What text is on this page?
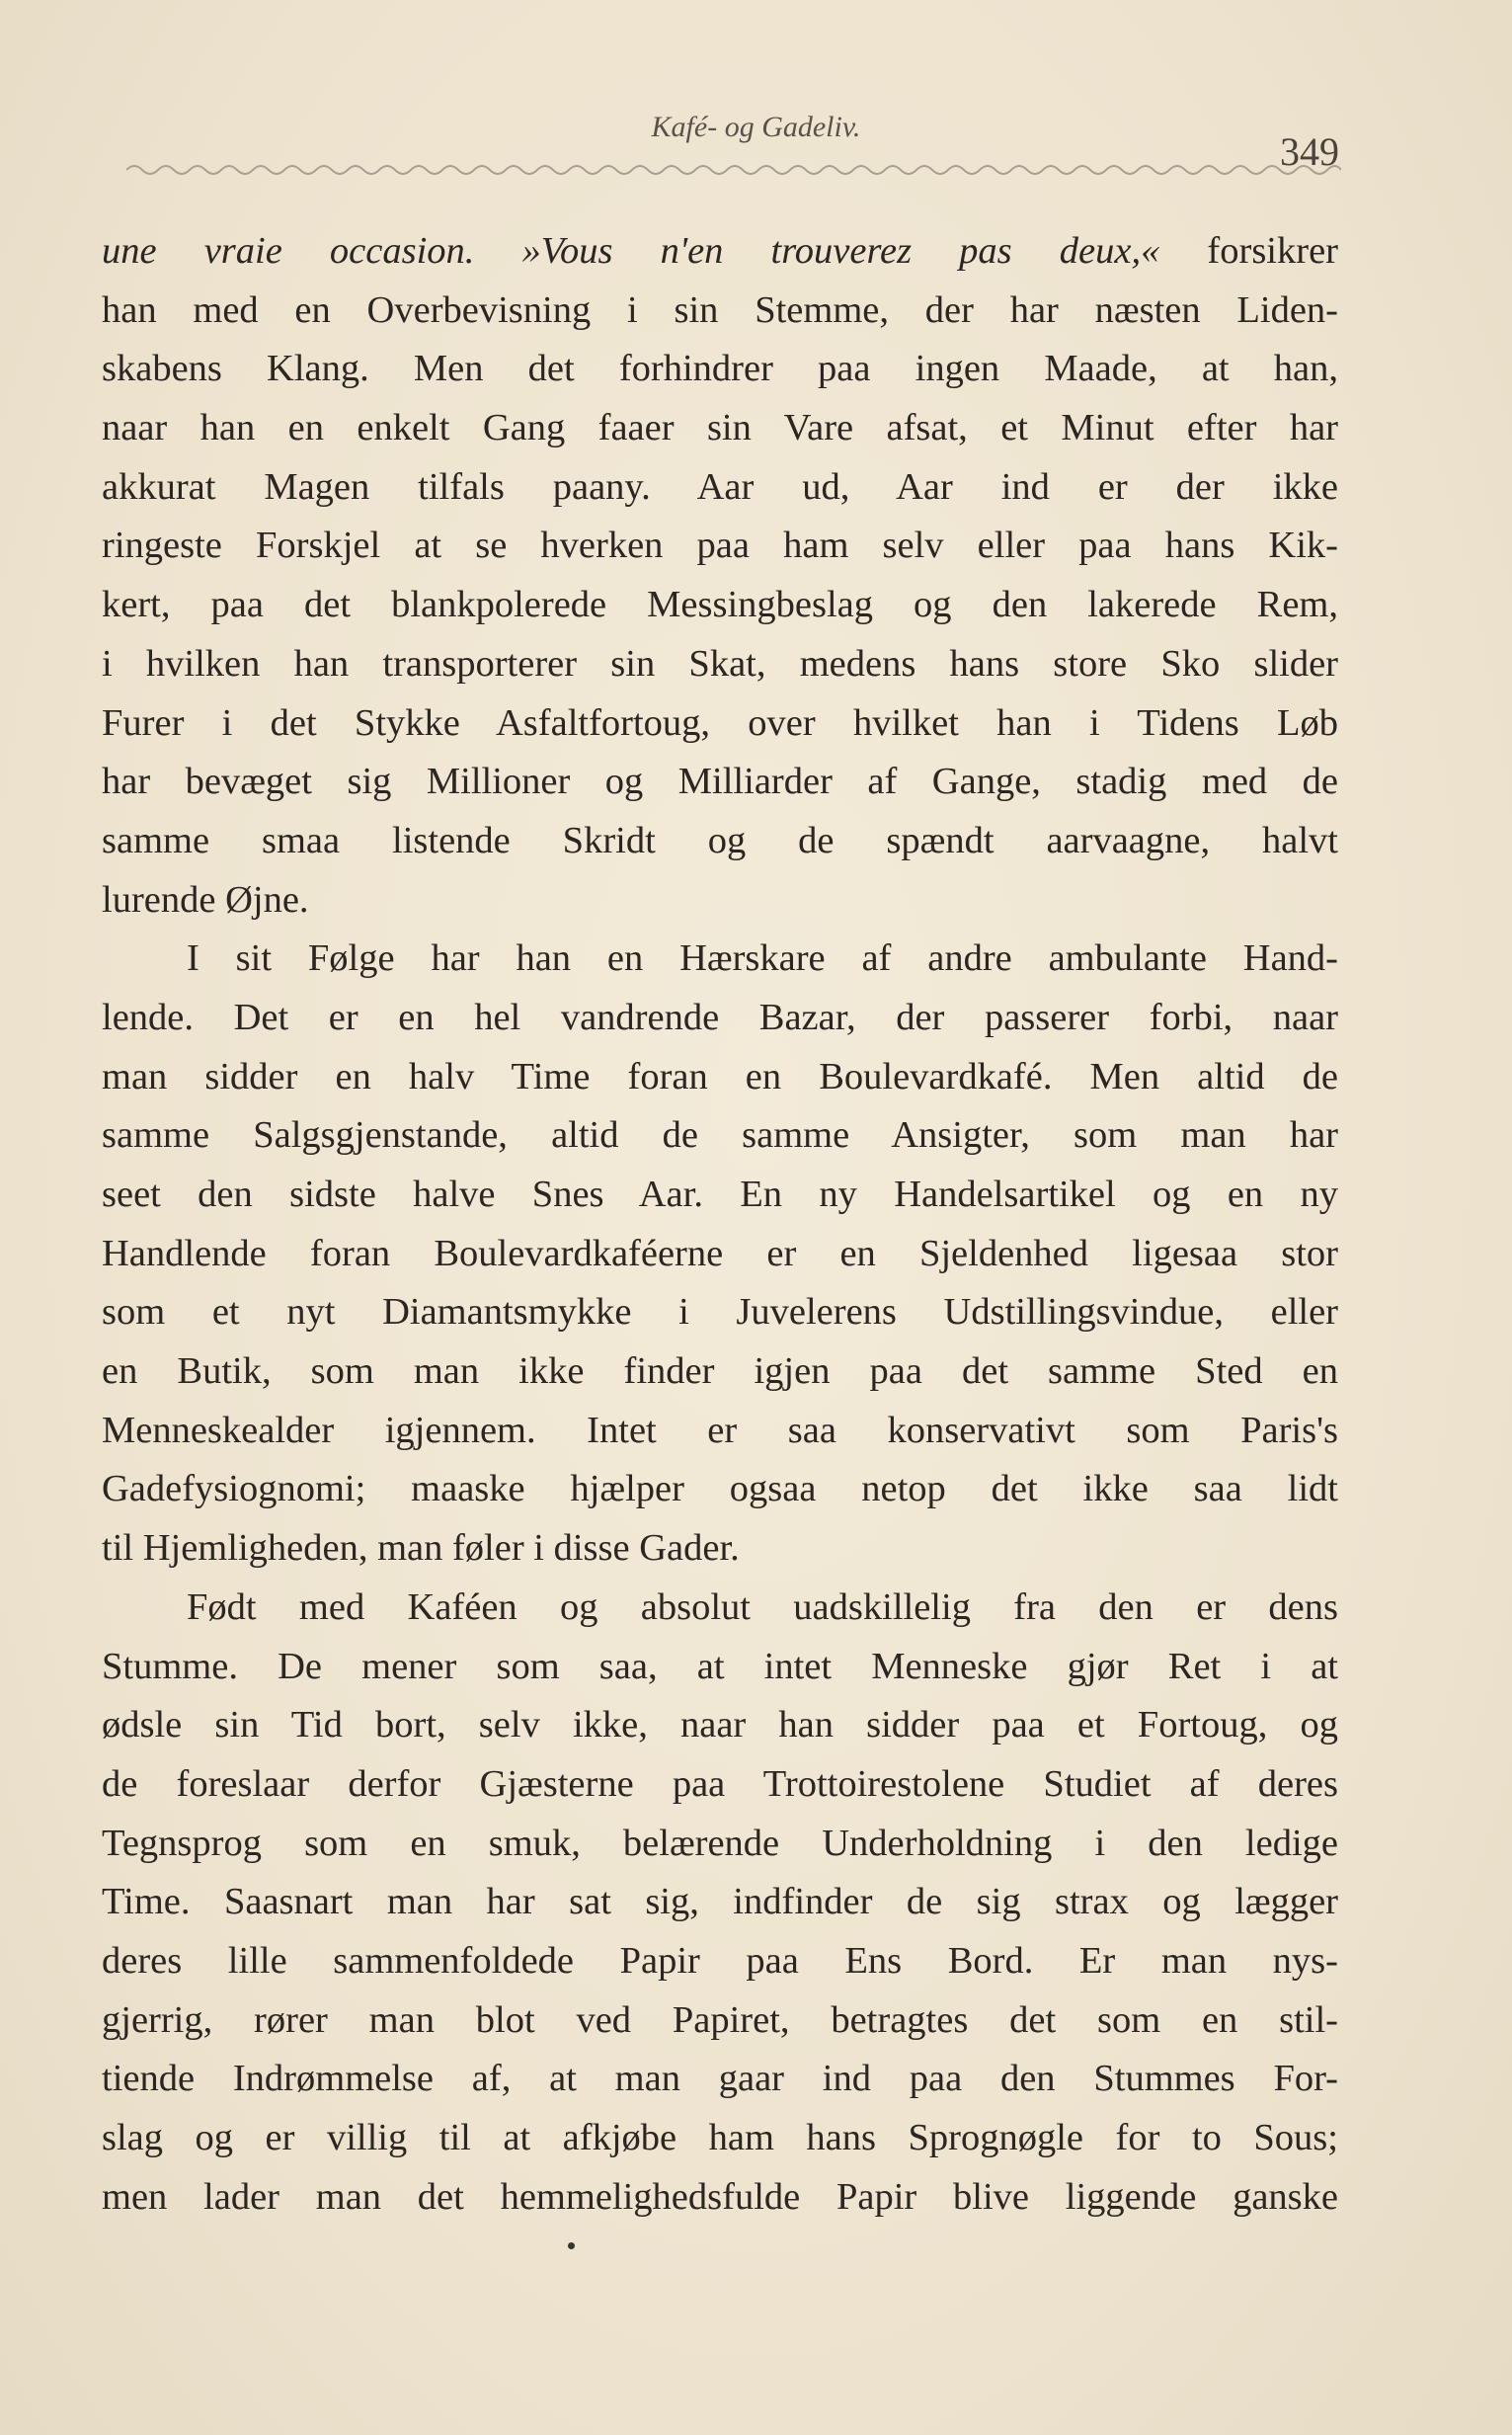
Kafé- og Gadeliv.
349
une vraie occasion. »Vous n'en trouverez pas deux,« forsikrer
han med en Overbevisning i sin Stemme, der har næsten Liden-
skabens Klang. Men det forhindrer paa ingen Maade, at han,
naar han en enkelt Gang faaer sin Vare afsat, et Minut efter har
akkurat Magen tilfals paany. Aar ud, Aar ind er der ikke
ringeste Forskjel at se hverken paa ham selv eller paa hans Kik-
kert, paa det blankpolerede Messingbeslag og den lakerede Rem,
i hvilken han transporterer sin Skat, medens hans store Sko slider
Furer i det Stykke Asfaltfortoug, over hvilket han i Tidens Løb
har bevæget sig Millioner og Milliarder af Gange, stadig med de
samme smaa listende Skridt og de spændt aarvaagne, halvt
lurende Øjne.
I sit Følge har han en Hærskare af andre ambulante Hand-
lende. Det er en hel vandrende Bazar, der passerer forbi, naar
man sidder en halv Time foran en Boulevardkafé. Men altid de
samme Salgsgjenstande, altid de samme Ansigter, som man har
seet den sidste halve Snes Aar. En ny Handelsartikel og en ny
Handlende foran Boulevardkaféerne er en Sjeldenhed ligesaa stor
som et nyt Diamantsmykke i Juvelerens Udstillingsvindue, eller
en Butik, som man ikke finder igjen paa det samme Sted en
Menneskealder igjennem. Intet er saa konservativt som Paris's
Gadefysiognomi; maaske hjælper ogsaa netop det ikke saa lidt
til Hjemligheden, man føler i disse Gader.
Født med Kaféen og absolut uadskillelig fra den er dens
Stumme. De mener som saa, at intet Menneske gjør Ret i at
ødsle sin Tid bort, selv ikke, naar han sidder paa et Fortoug, og
de foreslaar derfor Gjæsterne paa Trottoirestolene Studiet af deres
Tegnsprog som en smuk, belærende Underholdning i den ledige
Time. Saasnart man har sat sig, indfinder de sig strax og lægger
deres lille sammenfoldede Papir paa Ens Bord. Er man nys-
gjerrig, rører man blot ved Papiret, betragtes det som en stil-
tiende Indrømmelse af, at man gaar ind paa den Stummes For-
slag og er villig til at afkjøbe ham hans Sprognøgle for to Sous;
men lader man det hemmelighedsfulde Papir blive liggende ganske
